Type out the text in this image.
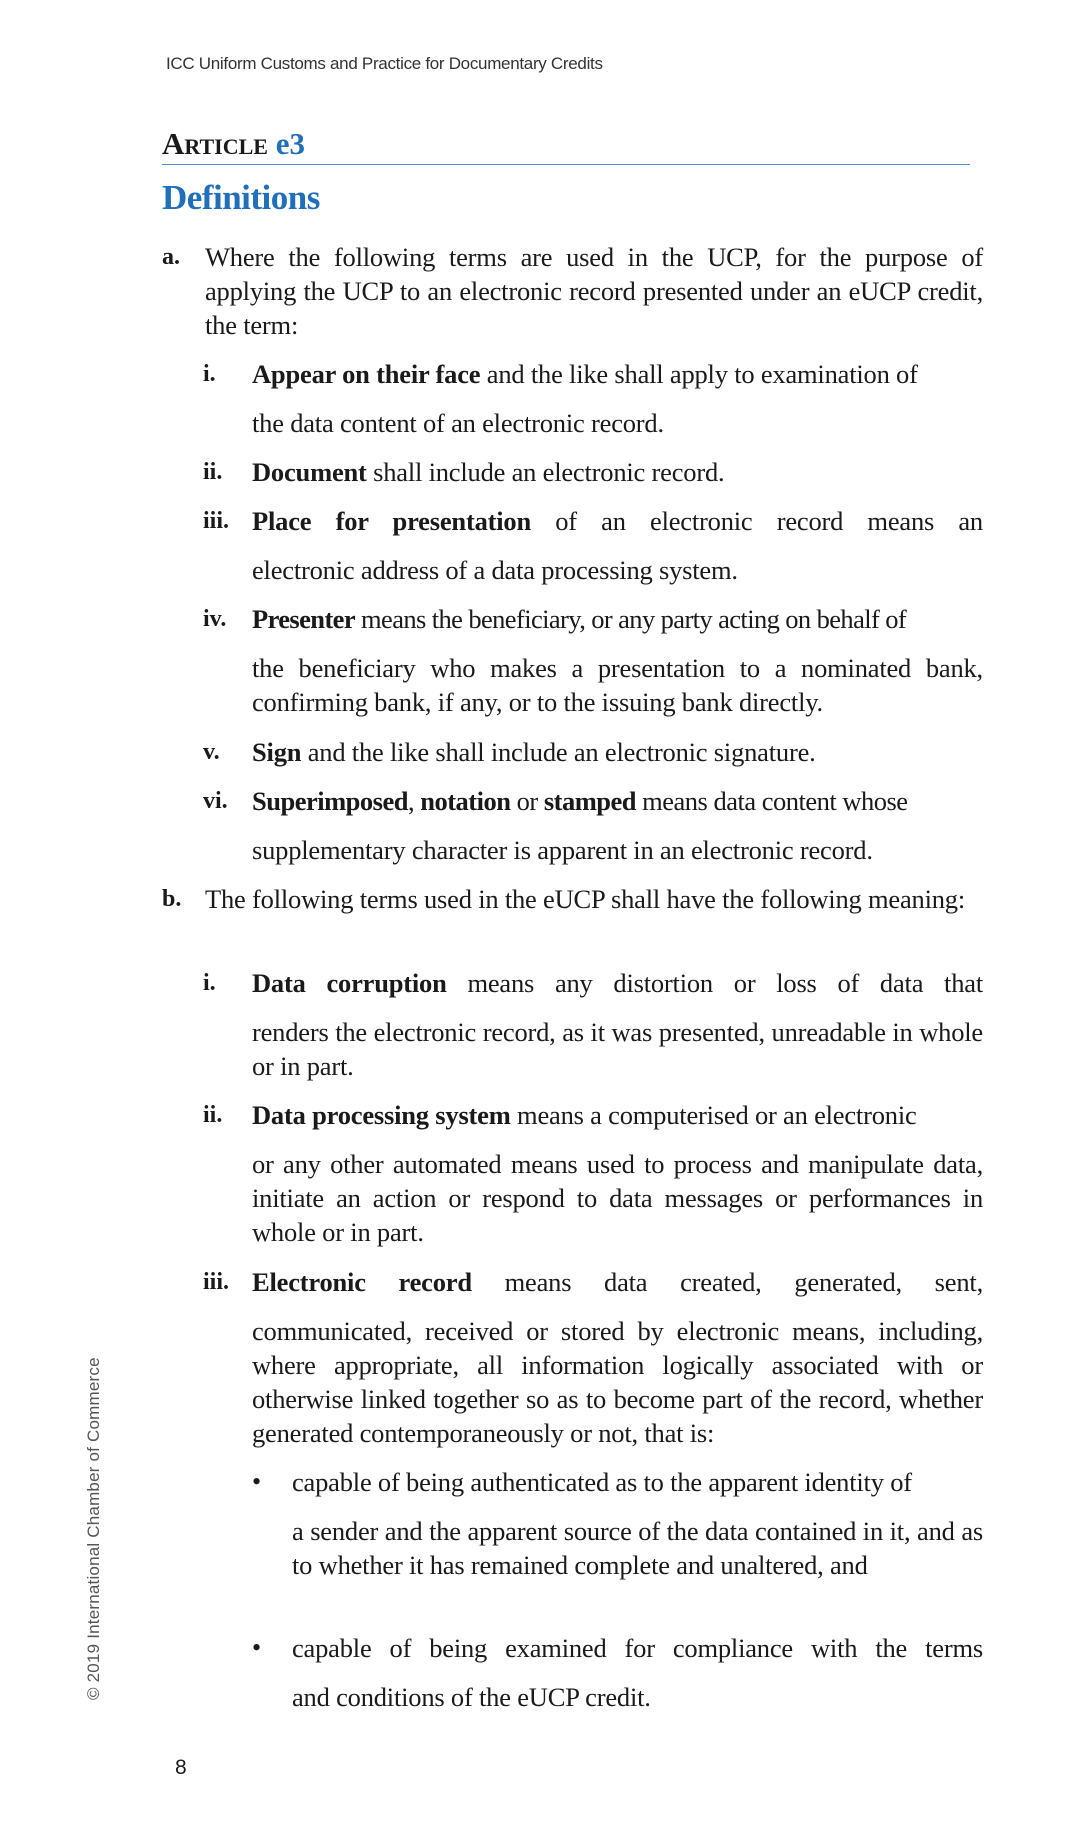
ICC Uniform Customs and Practice for Documentary Credits
Article e3
Definitions
a. Where the following terms are used in the UCP, for the purpose of applying the UCP to an electronic record presented under an eUCP credit, the term:
i. Appear on their face and the like shall apply to examination of
the data content of an electronic record.
ii. Document shall include an electronic record.
iii. Place for presentation of an electronic record means an
electronic address of a data processing system.
iv. Presenter means the beneficiary, or any party acting on behalf of
the beneficiary who makes a presentation to a nominated bank, confirming bank, if any, or to the issuing bank directly.
v. Sign and the like shall include an electronic signature.
vi. Superimposed, notation or stamped means data content whose
supplementary character is apparent in an electronic record.
b. The following terms used in the eUCP shall have the following meaning:
i. Data corruption means any distortion or loss of data that
renders the electronic record, as it was presented, unreadable in whole or in part.
ii. Data processing system means a computerised or an electronic
or any other automated means used to process and manipulate data, initiate an action or respond to data messages or performances in whole or in part.
iii. Electronic record means data created, generated, sent,
communicated, received or stored by electronic means, including, where appropriate, all information logically associated with or otherwise linked together so as to become part of the record, whether generated contemporaneously or not, that is:
• capable of being authenticated as to the apparent identity of
a sender and the apparent source of the data contained in it, and as to whether it has remained complete and unaltered, and
• capable of being examined for compliance with the terms
and conditions of the eUCP credit.
© 2019 International Chamber of Commerce
8
